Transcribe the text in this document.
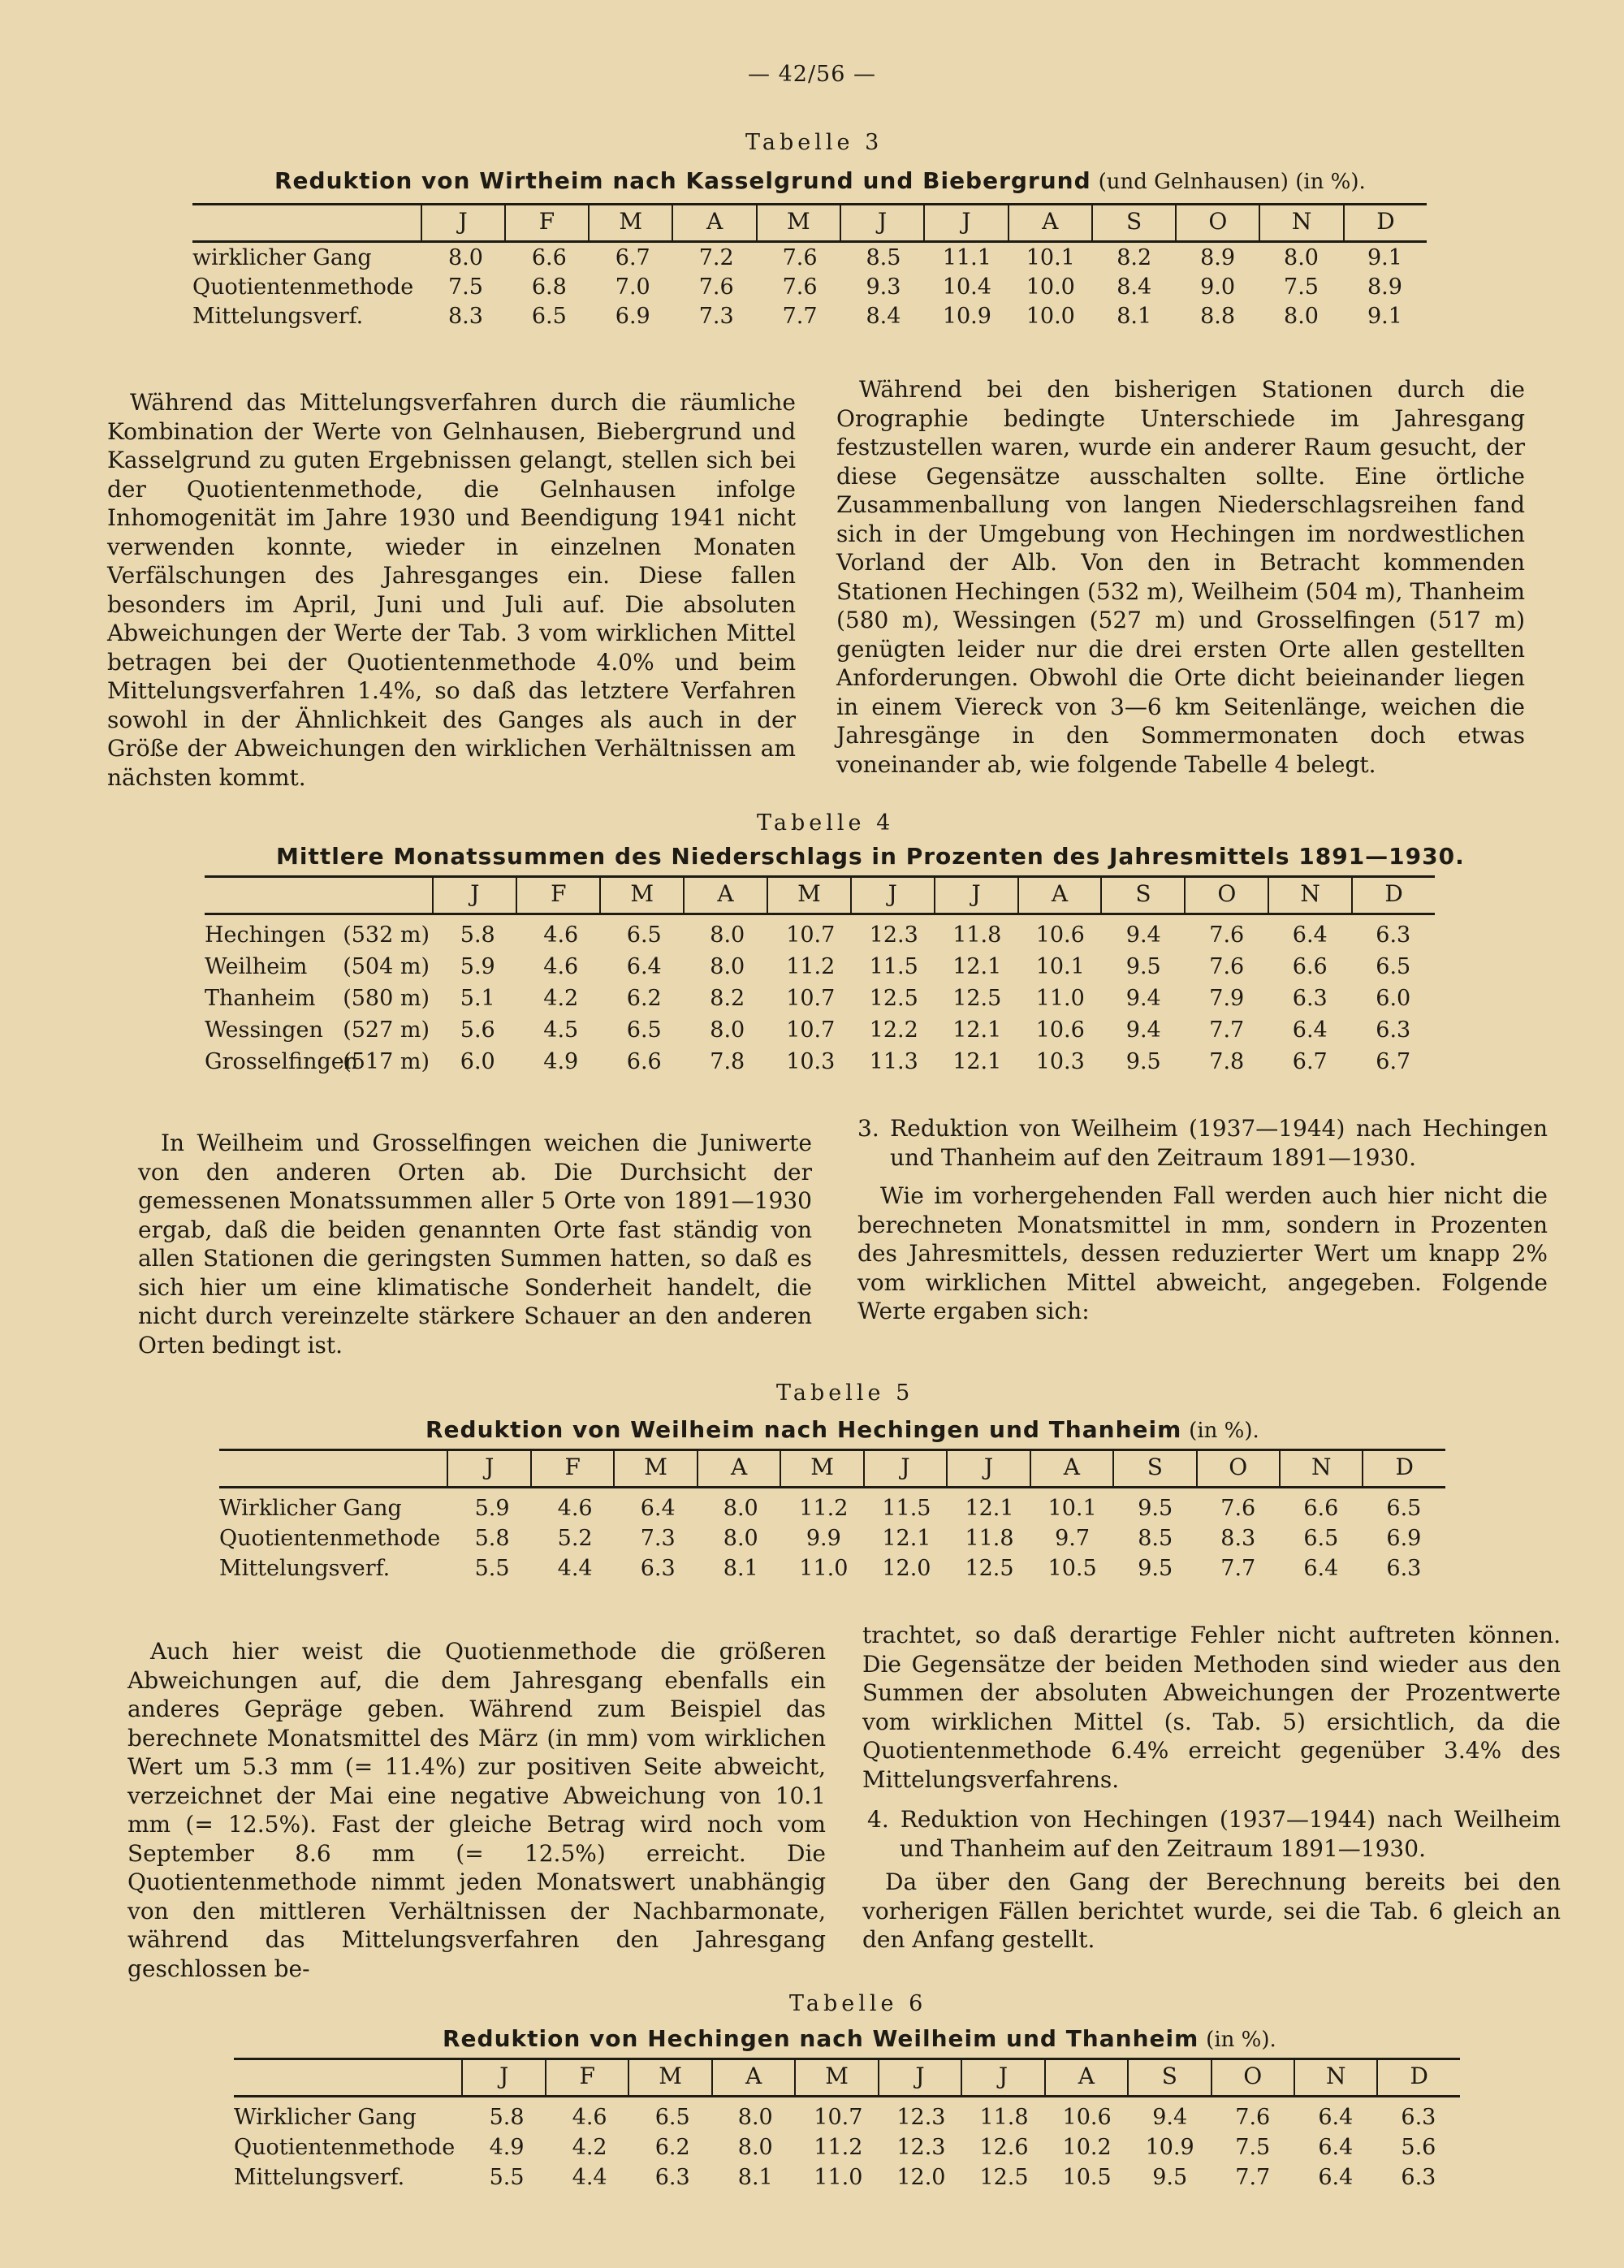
— 42/56 —
Tabelle 3
Reduktion von Wirtheim nach Kasselgrund und Biebergrund (und Gelnhausen) (in %).
J	F	M	A	M	J	J	A	S	O	N	D
wirklicher Gang	8.0	6.6	6.7	7.2	7.6	8.5	11.1	10.1	8.2	8.9	8.0	9.1
Quotientenmethode	7.5	6.8	7.0	7.6	7.6	9.3	10.4	10.0	8.4	9.0	7.5	8.9
Mittelungsverf.	8.3	6.5	6.9	7.3	7.7	8.4	10.9	10.0	8.1	8.8	8.0	9.1

Während das Mittelungsverfahren durch die räumliche Kombination der Werte von Gelnhausen, Biebergrund und Kasselgrund zu guten Ergebnissen gelangt, stellen sich bei der Quotientenmethode, die Gelnhausen infolge Inhomogenität im Jahre 1930 und Beendigung 1941 nicht verwenden konnte, wieder in einzelnen Monaten Verfälschungen des Jahresganges ein. Diese fallen besonders im April, Juni und Juli auf. Die absoluten Abweichungen der Werte der Tab. 3 vom wirklichen Mittel betragen bei der Quotientenmethode 4.0% und beim Mittelungsverfahren 1.4%, so daß das letztere Verfahren sowohl in der Ähnlichkeit des Ganges als auch in der Größe der Abweichungen den wirklichen Verhältnissen am nächsten kommt.

Während bei den bisherigen Stationen durch die Orographie bedingte Unterschiede im Jahresgang festzustellen waren, wurde ein anderer Raum gesucht, der diese Gegensätze ausschalten sollte. Eine örtliche Zusammenballung von langen Niederschlagsreihen fand sich in der Umgebung von Hechingen im nordwestlichen Vorland der Alb. Von den in Betracht kommenden Stationen Hechingen (532 m), Weilheim (504 m), Thanheim (580 m), Wessingen (527 m) und Grosselfingen (517 m) genügten leider nur die drei ersten Orte allen gestellten Anforderungen. Obwohl die Orte dicht beieinander liegen in einem Viereck von 3—6 km Seitenlänge, weichen die Jahresgänge in den Sommermonaten doch etwas voneinander ab, wie folgende Tabelle 4 belegt.

Tabelle 4
Mittlere Monatssummen des Niederschlags in Prozenten des Jahresmittels 1891—1930.
J	F	M	A	M	J	J	A	S	O	N	D
Hechingen (532 m)	5.8	4.6	6.5	8.0	10.7	12.3	11.8	10.6	9.4	7.6	6.4	6.3
Weilheim (504 m)	5.9	4.6	6.4	8.0	11.2	11.5	12.1	10.1	9.5	7.6	6.6	6.5
Thanheim (580 m)	5.1	4.2	6.2	8.2	10.7	12.5	12.5	11.0	9.4	7.9	6.3	6.0
Wessingen (527 m)	5.6	4.5	6.5	8.0	10.7	12.2	12.1	10.6	9.4	7.7	6.4	6.3
Grosselfingen
(517 m)	6.0	4.9	6.6	7.8	10.3	11.3	12.1	10.3	9.5	7.8	6.7	6.7

In Weilheim und Grosselfingen weichen die Juniwerte von den anderen Orten ab. Die Durchsicht der gemessenen Monatssummen aller 5 Orte von 1891—1930 ergab, daß die beiden genannten Orte fast ständig von allen Stationen die geringsten Summen hatten, so daß es sich hier um eine klimatische Sonderheit handelt, die nicht durch vereinzelte stärkere Schauer an den anderen Orten bedingt ist.

3. Reduktion von Weilheim (1937—1944) nach Hechingen und Thanheim auf den Zeitraum 1891—1930.

Wie im vorhergehenden Fall werden auch hier nicht die berechneten Monatsmittel in mm, sondern in Prozenten des Jahresmittels, dessen reduzierter Wert um knapp 2% vom wirklichen Mittel abweicht, angegeben. Folgende Werte ergaben sich:

Tabelle 5
Reduktion von Weilheim nach Hechingen und Thanheim (in %).
J	F	M	A	M	J	J	A	S	O	N	D
Wirklicher Gang	5.9	4.6	6.4	8.0	11.2	11.5	12.1	10.1	9.5	7.6	6.6	6.5
Quotientenmethode	5.8	5.2	7.3	8.0	9.9	12.1	11.8	9.7	8.5	8.3	6.5	6.9
Mittelungsverf.	5.5	4.4	6.3	8.1	11.0	12.0	12.5	10.5	9.5	7.7	6.4	6.3

Auch hier weist die Quotienmethode die größeren Abweichungen auf, die dem Jahresgang ebenfalls ein anderes Gepräge geben. Während zum Beispiel das berechnete Monatsmittel des März (in mm) vom wirklichen Wert um 5.3 mm (= 11.4%) zur positiven Seite abweicht, verzeichnet der Mai eine negative Abweichung von 10.1 mm (= 12.5%). Fast der gleiche Betrag wird noch vom September 8.6 mm (= 12.5%) erreicht. Die Quotientenmethode nimmt jeden Monatswert unabhängig von den mittleren Verhältnissen der Nachbarmonate, während das Mittelungsverfahren den Jahresgang geschlossen be-

trachtet, so daß derartige Fehler nicht auftreten können. Die Gegensätze der beiden Methoden sind wieder aus den Summen der absoluten Abweichungen der Prozentwerte vom wirklichen Mittel (s. Tab. 5) ersichtlich, da die Quotientenmethode 6.4% erreicht gegenüber 3.4% des Mittelungsverfahrens.

4. Reduktion von Hechingen (1937—1944) nach Weilheim und Thanheim auf den Zeitraum 1891—1930.

Da über den Gang der Berechnung bereits bei den vorherigen Fällen berichtet wurde, sei die Tab. 6 gleich an den Anfang gestellt.

Tabelle 6
Reduktion von Hechingen nach Weilheim und Thanheim (in %).
J	F	M	A	M	J	J	A	S	O	N	D
Wirklicher Gang	5.8	4.6	6.5	8.0	10.7	12.3	11.8	10.6	9.4	7.6	6.4	6.3
Quotientenmethode	4.9	4.2	6.2	8.0	11.2	12.3	12.6	10.2	10.9	7.5	6.4	5.6
Mittelungsverf.	5.5	4.4	6.3	8.1	11.0	12.0	12.5	10.5	9.5	7.7	6.4	6.3
